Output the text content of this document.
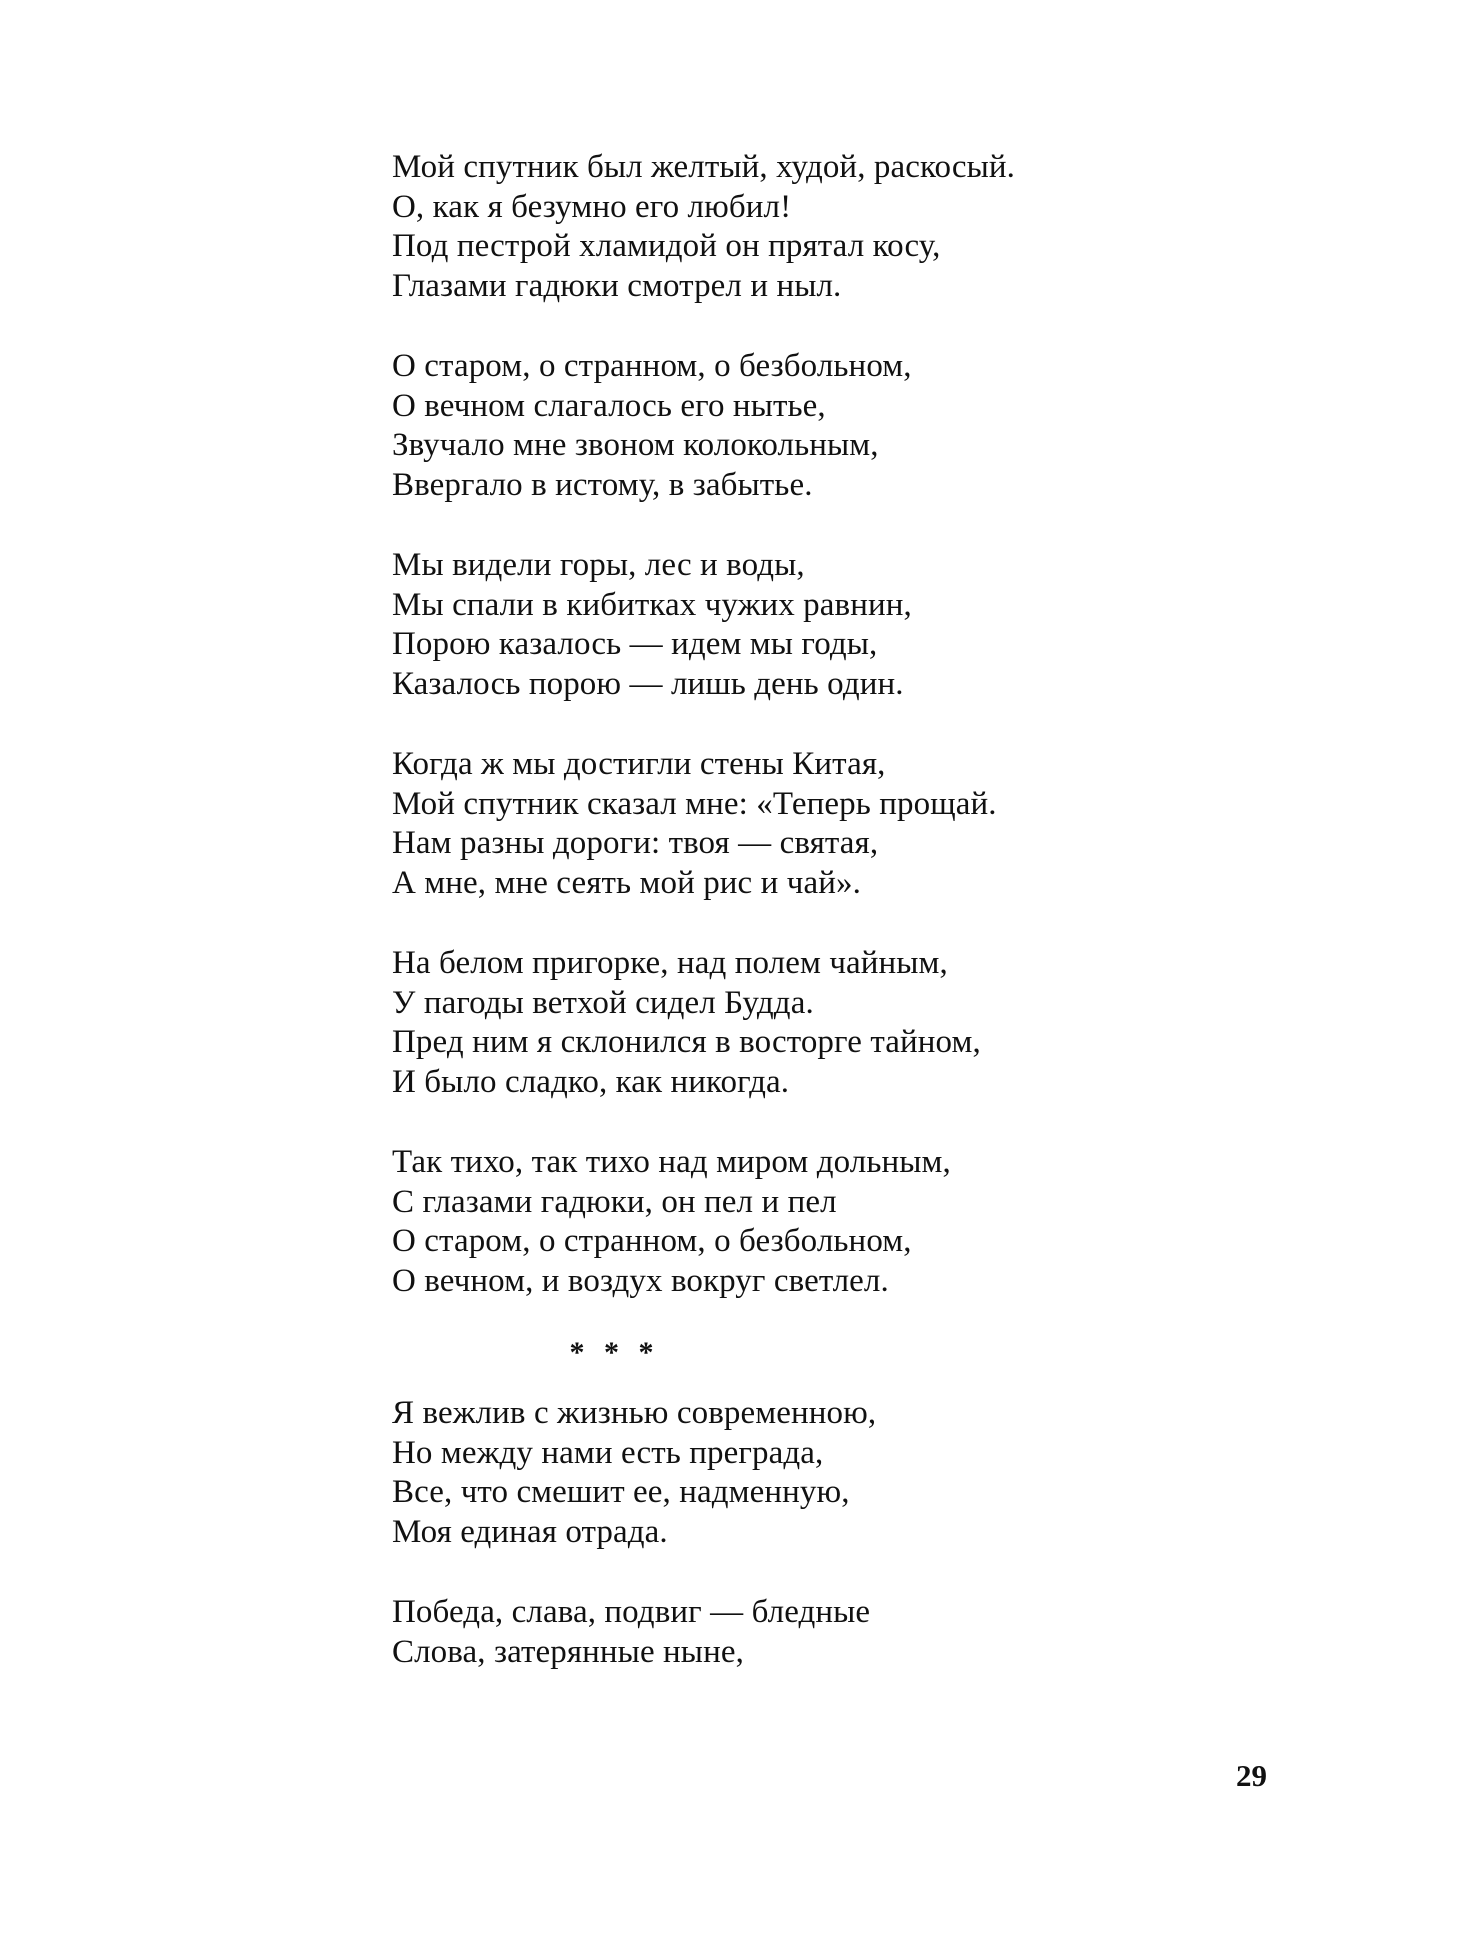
Мой спутник был желтый, худой, раскосый.
О, как я безумно его любил!
Под пестрой хламидой он прятал косу,
Глазами гадюки смотрел и ныл.
О старом, о странном, о безбольном,
О вечном слагалось его нытье,
Звучало мне звоном колокольным,
Ввергало в истому, в забытье.
Мы видели горы, лес и воды,
Мы спали в кибитках чужих равнин,
Порою казалось — идем мы годы,
Казалось порою — лишь день один.
Когда ж мы достигли стены Китая,
Мой спутник сказал мне: «Теперь прощай.
Нам разны дороги: твоя — святая,
А мне, мне сеять мой рис и чай».
На белом пригорке, над полем чайным,
У пагоды ветхой сидел Будда.
Пред ним я склонился в восторге тайном,
И было сладко, как никогда.
Так тихо, так тихо над миром дольным,
С глазами гадюки, он пел и пел
О старом, о странном, о безбольном,
О вечном, и воздух вокруг светлел.
* * *
Я вежлив с жизнью современною,
Но между нами есть преграда,
Все, что смешит ее, надменную,
Моя единая отрада.
Победа, слава, подвиг — бледные
Слова, затерянные ныне,
29
